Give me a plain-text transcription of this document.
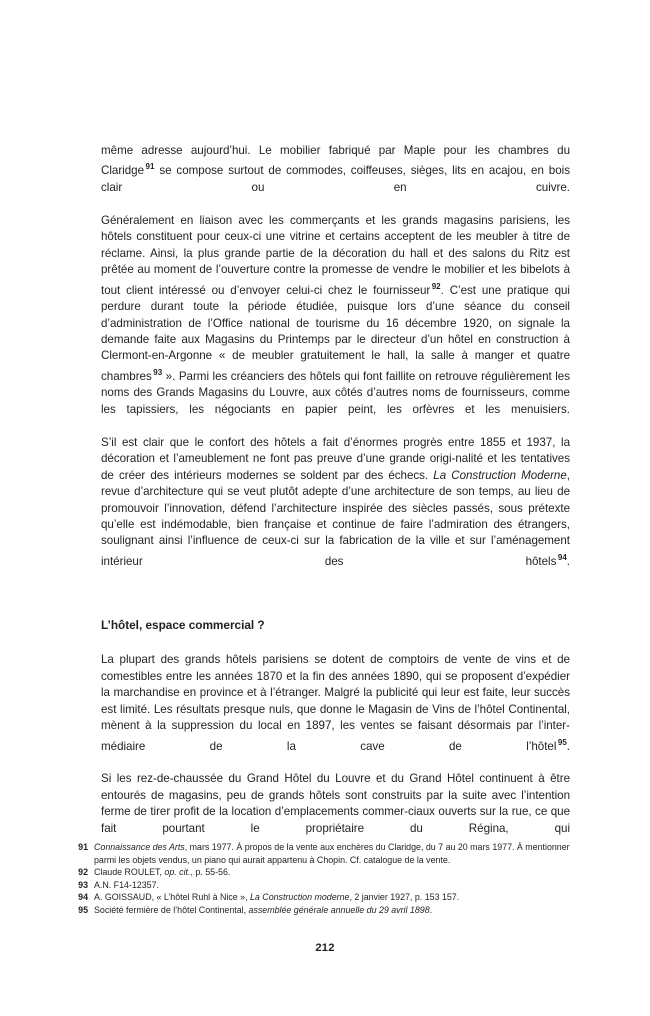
même adresse aujourd’hui. Le mobilier fabriqué par Maple pour les chambres du Claridge $^{91}$ se compose surtout de commodes, coiffeuses, sièges, lits en acajou, en bois clair ou en cuivre.

Généralement en liaison avec les commerçants et les grands magasins parisiens, les hôtels constituent pour ceux-ci une vitrine et certains acceptent de les meubler à titre de réclame. Ainsi, la plus grande partie de la décoration du hall et des salons du Ritz est prêtée au moment de l’ouverture contre la promesse de vendre le mobilier et les bibelots à tout client intéressé ou d’envoyer celui-ci chez le fournisseur $^{92}$. C’est une pratique qui perdure durant toute la période étudiée, puisque lors d’une séance du conseil d’administration de l’Office national de tourisme du 16 décembre 1920, on signale la demande faite aux Magasins du Printemps par le directeur d’un hôtel en construction à Clermont-en-Argonne « de meubler gratuitement le hall, la salle à manger et quatre chambres $^{93}$ ». Parmi les créanciers des hôtels qui font faillite on retrouve régulièrement les noms des Grands Magasins du Louvre, aux côtés d’autres noms de fournisseurs, comme les tapissiers, les négociants en papier peint, les orfèvres et les menuisiers.

S’il est clair que le confort des hôtels a fait d’énormes progrès entre 1855 et 1937, la décoration et l’ameublement ne font pas preuve d’une grande origi-nalité et les tentatives de créer des intérieurs modernes se soldent par des échecs. La Construction Moderne, revue d’architecture qui se veut plutôt adepte d’une architecture de son temps, au lieu de promouvoir l’innovation, défend l’architecture inspirée des siècles passés, sous prétexte qu’elle est indémodable, bien française et continue de faire l’admiration des étrangers, soulignant ainsi l’influence de ceux-ci sur la fabrication de la ville et sur l’aménagement intérieur des hôtels $^{94}$.

L’hôtel, espace commercial ?

La plupart des grands hôtels parisiens se dotent de comptoirs de vente de vins et de comestibles entre les années 1870 et la fin des années 1890, qui se proposent d’expédier la marchandise en province et à l’étranger. Malgré la publicité qui leur est faite, leur succès est limité. Les résultats presque nuls, que donne le Magasin de Vins de l’hôtel Continental, mènent à la suppression du local en 1897, les ventes se faisant désormais par l’inter-médiaire de la cave de l’hôtel $^{95}$.

Si les rez-de-chaussée du Grand Hôtel du Louvre et du Grand Hôtel continuent à être entourés de magasins, peu de grands hôtels sont construits par la suite avec l’intention ferme de tirer profit de la location d’emplacements commer-ciaux ouverts sur la rue, ce que fait pourtant le propriétaire du Régina, qui

91 Connaissance des Arts, mars 1977. À propos de la vente aux enchères du Claridge, du 7 au 20 mars 1977. À mentionner parmi les objets vendus, un piano qui aurait appartenu à Chopin. Cf. catalogue de la vente.
92 Claude ROULET, op. cit., p. 55-56.
93 A.N. F14-12357.
94 A. GOISSAUD, « L’hôtel Ruhl à Nice », La Construction moderne, 2 janvier 1927, p. 153 157.
95 Société fermière de l’hôtel Continental, assemblée générale annuelle du 29 avril 1898.
212
